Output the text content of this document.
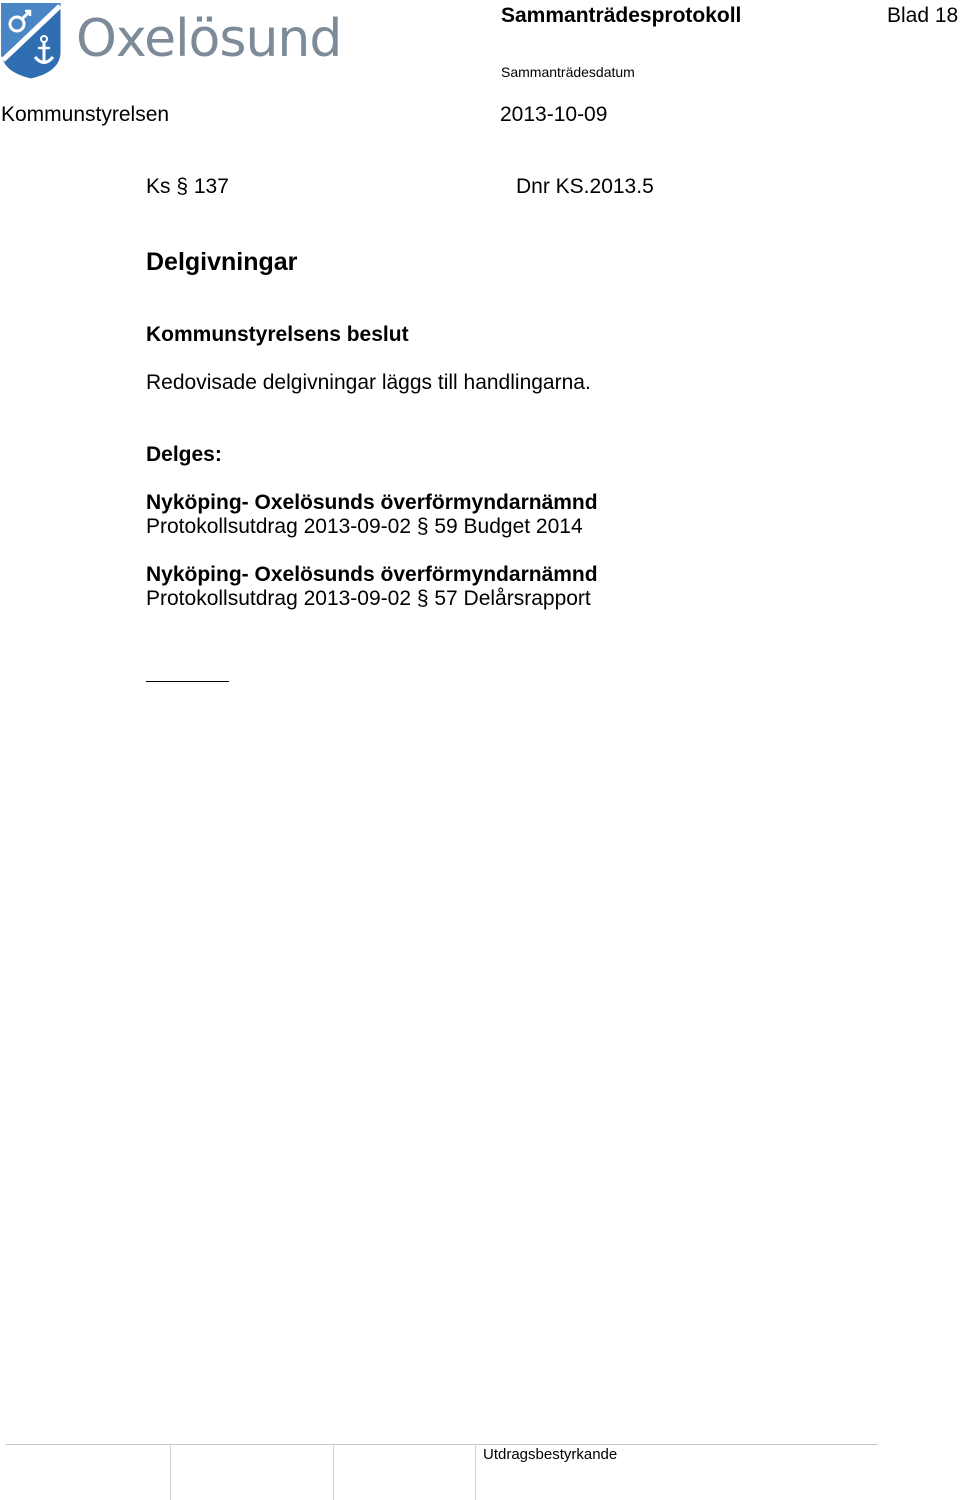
Oxelösund	Sammanträdesprotokoll	Blad 18
Sammanträdesdatum
Kommunstyrelsen	2013-10-09
Ks § 137	Dnr KS.2013.5
Delgivningar
Kommunstyrelsens beslut
Redovisade delgivningar läggs till handlingarna.
Delges:
Nyköping- Oxelösunds överförmyndarnämnd
Protokollsutdrag 2013-09-02 § 59 Budget 2014
Nyköping- Oxelösunds överförmyndarnämnd
Protokollsutdrag 2013-09-02 § 57 Delårsrapport
Utdragsbestyrkande
